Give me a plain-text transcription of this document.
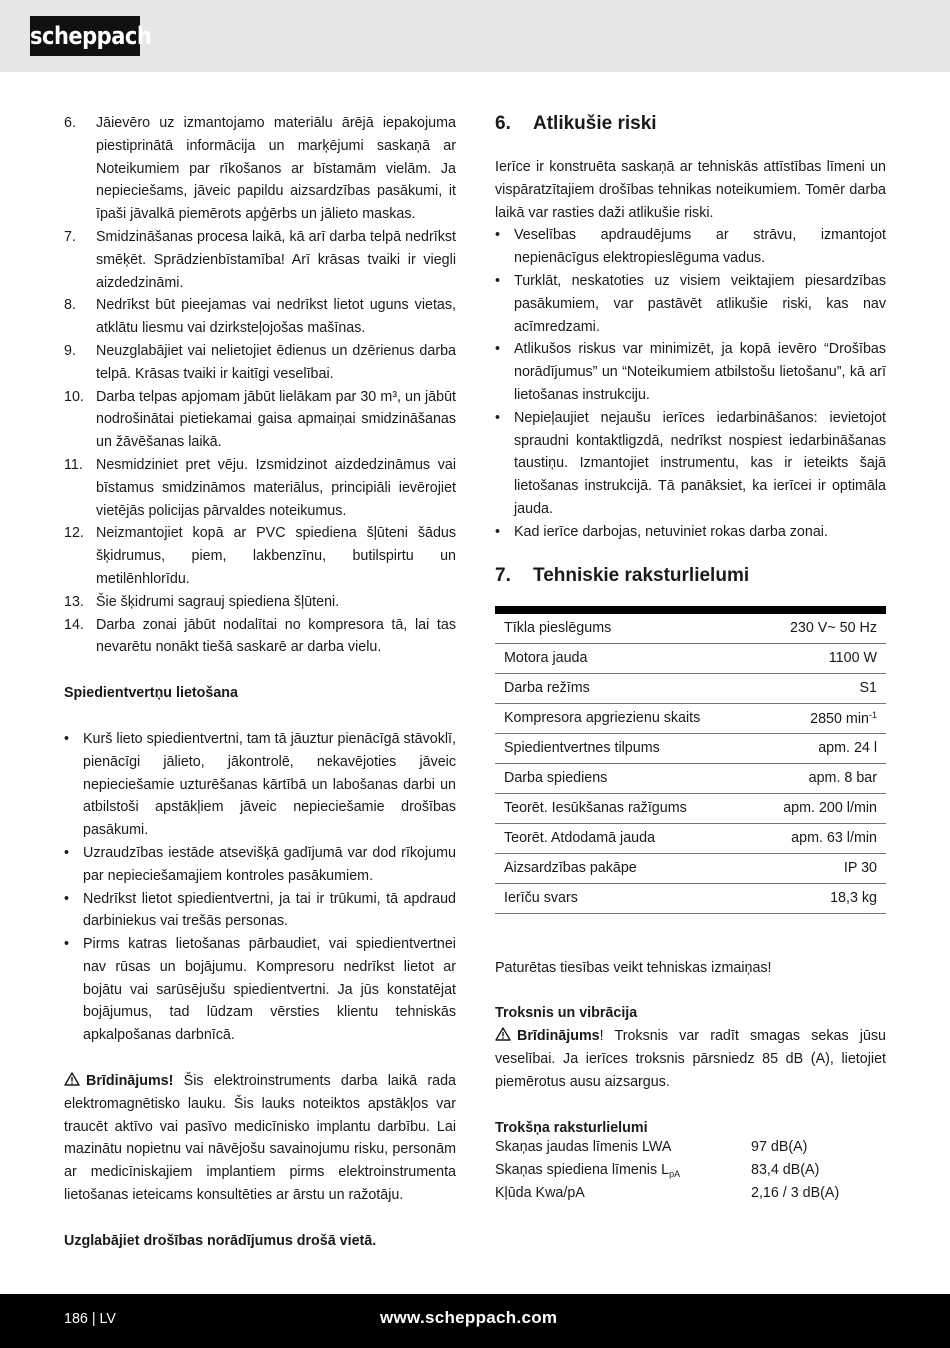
scheppach
6. Jāievēro uz izmantojamo materiālu ārējā iepakojuma piestiprinātā informācija un marķējumi saskaņā ar Noteikumiem par rīkošanos ar bīstamām vielām. Ja nepieciešams, jāveic papildu aizsardzības pasākumi, it īpaši jāvalkā piemērots apģērbs un jālieto maskas.
7. Smidzināšanas procesa laikā, kā arī darba telpā nedrīkst smēķēt. Sprādzienbīstamība! Arī krāsas tvaiki ir viegli aizdedzināmi.
8. Nedrīkst būt pieejamas vai nedrīkst lietot uguns vietas, atklātu liesmu vai dzirksteļojošas mašīnas.
9. Neuzglabājiet vai nelietojiet ēdienus un dzērienus darba telpā. Krāsas tvaiki ir kaitīgi veselībai.
10. Darba telpas apjomam jābūt lielākam par 30 m³, un jābūt nodrošinātai pietiekamai gaisa apmaiņai smidzināšanas un žāvēšanas laikā.
11. Nesmidziniet pret vēju. Izsmidzinot aizdedzināmus vai bīstamus smidzināmos materiālus, principiāli ievērojiet vietējās policijas pārvaldes noteikumus.
12. Neizmantojiet kopā ar PVC spiediena šļūteni šādus šķidrumus, piem, lakbenzīnu, butilspirtu un metilēnhlorīdu.
13. Šie šķidrumi sagrauj spiediena šļūteni.
14. Darba zonai jābūt nodalītai no kompresora tā, lai tas nevarētu nonākt tiešā saskarē ar darba vielu.
Spiedientvertņu lietošana
• Kurš lieto spiedientvertni, tam tā jāuztur pienācīgā stāvoklī, pienācīgi jālieto, jākontrolē, nekavējoties jāveic nepieciešamie uzturēšanas kārtībā un labošanas darbi un atbilstoši apstākļiem jāveic nepieciešamie drošības pasākumi.
• Uzraudzības iestāde atsevišķā gadījumā var dod rīkojumu par nepieciešamajiem kontroles pasākumiem.
• Nedrīkst lietot spiedientvertni, ja tai ir trūkumi, tā apdraud darbiniekus vai trešās personas.
• Pirms katras lietošanas pārbaudiet, vai spiedientvertnei nav rūsas un bojājumu. Kompresoru nedrīkst lietot ar bojātu vai sarūsējušu spiedientvertni. Ja jūs konstatējat bojājumus, tad lūdzam vērsties klientu tehniskās apkalpošanas darbnīcā.
Brīdinājums! Šis elektroinstruments darba laikā rada elektromagnētisko lauku. Šis lauks noteiktos apstākļos var traucēt aktīvo vai pasīvo medicīnisko implantu darbību. Lai mazinātu nopietnu vai nāvējošu savainojumu risku, personām ar medicīniskajiem implantiem pirms elektroinstrumenta lietošanas ieteicams konsultēties ar ārstu un ražotāju.
Uzglabājiet drošības norādījumus drošā vietā.
6. Atlikušie riski
Ierīce ir konstruēta saskaņā ar tehniskās attīstības līmeni un vispāratzītajiem drošības tehnikas noteikumiem. Tomēr darba laikā var rasties daži atlikušie riski.
• Veselības apdraudējums ar strāvu, izmantojot nepienācīgus elektropieslēguma vadus.
• Turklāt, neskatoties uz visiem veiktajiem piesardzības pasākumiem, var pastāvēt atlikušie riski, kas nav acīmredzami.
• Atlikušos riskus var minimizēt, ja kopā ievēro “Drošības norādījumus” un “Noteikumiem atbilstošu lietošanu”, kā arī lietošanas instrukciju.
• Nepieļaujiet nejaušu ierīces iedarbināšanos: ievietojot spraudni kontaktligzdā, nedrīkst nospiest iedarbināšanas taustiņu. Izmantojiet instrumentu, kas ir ieteikts šajā lietošanas instrukcijā. Tā panāksiet, ka ierīcei ir optimāla jauda.
• Kad ierīce darbojas, netuviniet rokas darba zonai.
7. Tehniskie raksturlielumi

Tīkla pieslēgums	230 V~ 50 Hz
Motora jauda	1100 W
Darba režīms	S1
Kompresora apgriezienu skaits	2850 $\min^{-1}$
Spiedientvertnes tilpums	apm. 24 l
Darba spiediens	apm. 8 bar
Teorēt. Iesūkšanas ražīgums	apm. 200 l/min
Teorēt. Atdodamā jauda	apm. 63 l/min
Aizsardzības pakāpe	IP 30
Ierīču svars	18,3 kg
Paturētas tiesības veikt tehniskas izmaiņas!
Troksnis un vibrācija
Brīdinājums! Troksnis var radīt smagas sekas jūsu veselībai. Ja ierīces troksnis pārsniedz 85 dB (A), lietojiet piemērotus ausu aizsargus.
Trokšņa raksturlielumi
Skaņas jaudas līmenis LWA	97 dB(A)
Skaņas spiediena līmenis $L_{pA}$	83,4 dB(A)
Kļūda Kwa/pA	2,16 / 3 dB(A)
186 | LV	www.scheppach.com
